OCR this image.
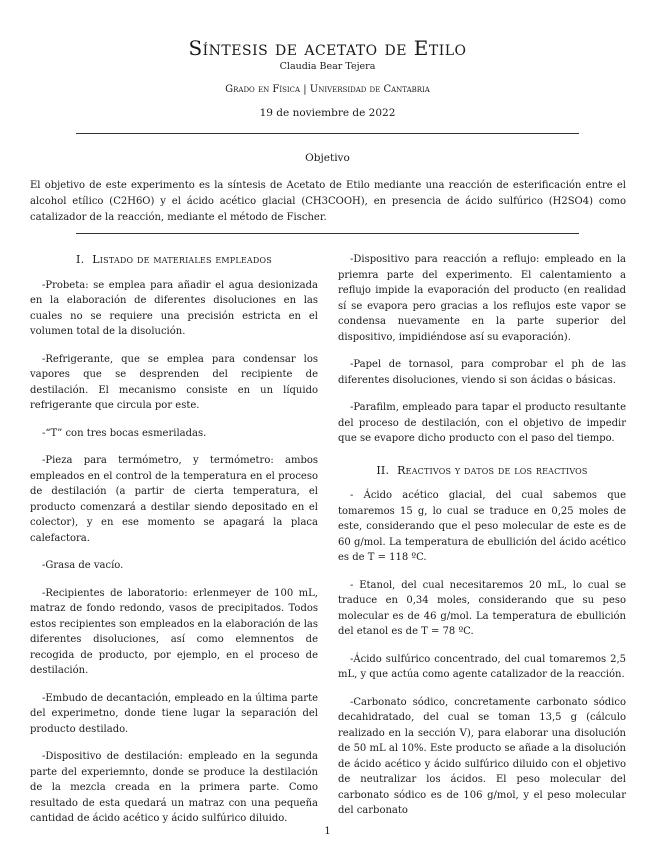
Síntesis de acetato de Etilo
Claudia Bear Tejera
Grado en Física | Universidad de Cantabria
19 de noviembre de 2022
Objetivo
El objetivo de este experimento es la síntesis de Acetato de Etilo mediante una reacción de esterificación entre el alcohol etílico (C2H6O) y el ácido acético glacial (CH3COOH), en presencia de ácido sulfúrico (H2SO4) como catalizador de la reacción, mediante el método de Fischer.
I. Listado de materiales empleados

-Probeta: se emplea para añadir el agua desionizada en la elaboración de diferentes disoluciones en las cuales no se requiere una precisión estricta en el volumen total de la disolución.

-Refrigerante, que se emplea para condensar los vapores que se desprenden del recipiente de destilación. El mecanismo consiste en un líquido refrigerante que circula por este.

-“T” con tres bocas esmeriladas.

-Pieza para termómetro, y termómetro: ambos empleados en el control de la temperatura en el proceso de destilación (a partir de cierta temperatura, el producto comenzará a destilar siendo depositado en el colector), y en ese momento se apagará la placa calefactora.

-Grasa de vacío.

-Recipientes de laboratorio: erlenmeyer de 100 mL, matraz de fondo redondo, vasos de precipitados. Todos estos recipientes son empleados en la elaboración de las diferentes disoluciones, así como elemnentos de recogida de producto, por ejemplo, en el proceso de destilación.

-Embudo de decantación, empleado en la última parte del experimetno, donde tiene lugar la separación del producto destilado.

-Dispositivo de destilación: empleado en la segunda parte del experiemnto, donde se produce la destilación de la mezcla creada en la primera parte. Como resultado de esta quedará un matraz con una pequeña cantidad de ácido acético y ácido sulfúrico diluido.

-Dispositivo para reacción a reflujo: empleado en la priemra parte del experimento. El calentamiento a reflujo impide la evaporación del producto (en realidad sí se evapora pero gracias a los reflujos este vapor se condensa nuevamente en la parte superior del dispositivo, impidiéndose así su evaporación).

-Papel de tornasol, para comprobar el ph de las diferentes disoluciones, viendo si son ácidas o básicas.

-Parafilm, empleado para tapar el producto resultante del proceso de destilación, con el objetivo de impedir que se evapore dicho producto con el paso del tiempo.

II. Reactivos y datos de los reactivos

- Ácido acético glacial, del cual sabemos que tomaremos 15 g, lo cual se traduce en 0,25 moles de este, considerando que el peso molecular de este es de 60 g/mol. La temperatura de ebullición del ácido acético es de T = 118 ºC.

- Etanol, del cual necesitaremos 20 mL, lo cual se traduce en 0,34 moles, considerando que su peso molecular es de 46 g/mol. La temperatura de ebullición del etanol es de T = 78 ºC.

-Ácido sulfúrico concentrado, del cual tomaremos 2,5 mL, y que actúa como agente catalizador de la reacción.

-Carbonato sódico, concretamente carbonato sódico decahidratado, del cual se toman 13,5 g (cálculo realizado en la sección V), para elaborar una disolución de 50 mL al 10%. Este producto se añade a la disolución de ácido acético y ácido sulfúrico diluido con el objetivo de neutralizar los ácidos. El peso molecular del carbonato sódico es de 106 g/mol, y el peso molecular del carbonato

1
